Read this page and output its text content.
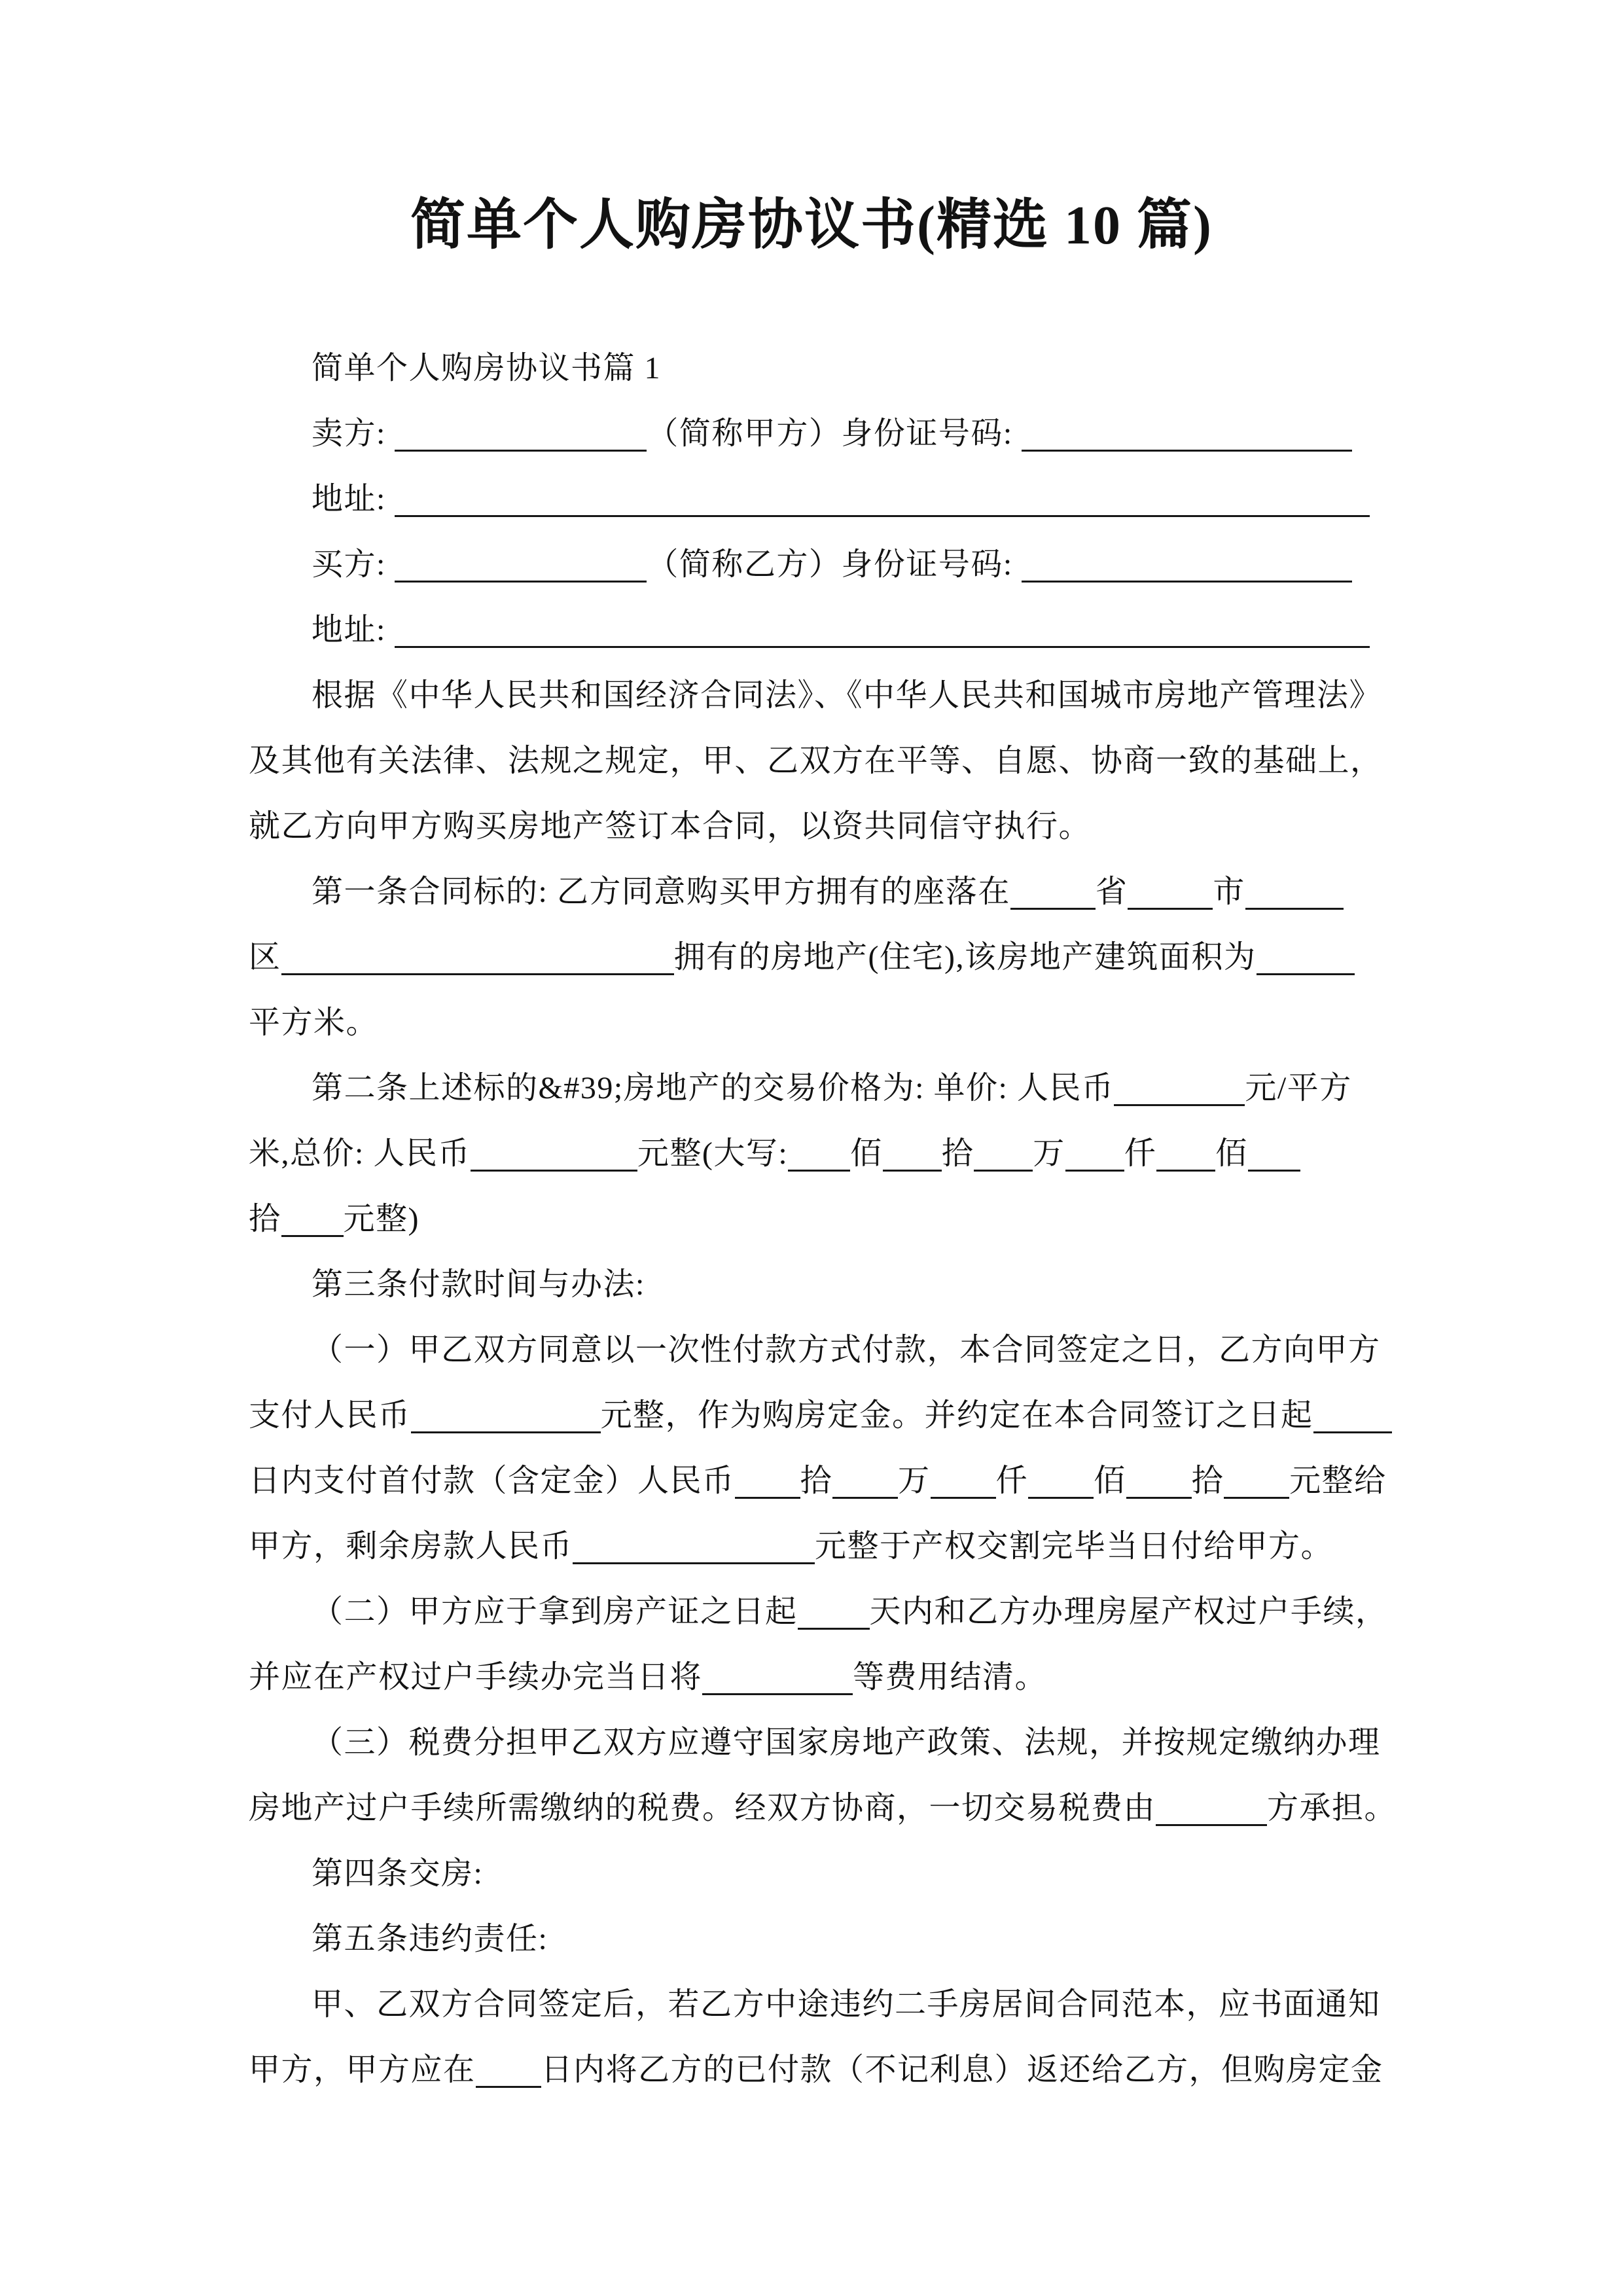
简单个人购房协议书(精选 10 篇)
简单个人购房协议书篇 1
卖方:	（简称甲方）身份证号码:
地址:
买方:	（简称乙方）身份证号码:
地址:
根据《中华人民共和国经济合同法》、《中华人民共和国城市房地产管理法》
及其他有关法律、法规之规定，甲、乙双方在平等、自愿、协商一致的基础上，
就乙方向甲方购买房地产签订本合同，以资共同信守执行。
第一条合同标的: 乙方同意购买甲方拥有的座落在	省	市
区	拥有的房地产(住宅),该房地产建筑面积为
平方米。
第二条上述标的&#39;房地产的交易价格为: 单价: 人民币	元/平方
米,总价: 人民币	元整(大写: 佰 拾 万 仟 佰
拾 元整)
第三条付款时间与办法:
（一）甲乙双方同意以一次性付款方式付款，本合同签定之日，乙方向甲方
支付人民币	元整，作为购房定金。并约定在本合同签订之日起
日内支付首付款（含定金）人民币 拾 万 仟 佰 拾 元整给
甲方，剩余房款人民币	元整于产权交割完毕当日付给甲方。
（二）甲方应于拿到房产证之日起 天内和乙方办理房屋产权过户手续，
并应在产权过户手续办完当日将	等费用结清。
（三）税费分担甲乙双方应遵守国家房地产政策、法规，并按规定缴纳办理
房地产过户手续所需缴纳的税费。经双方协商，一切交易税费由	方承担。
第四条交房:
第五条违约责任:
甲、乙双方合同签定后，若乙方中途违约二手房居间合同范本，应书面通知
甲方，甲方应在 日内将乙方的已付款（不记利息）返还给乙方，但购房定金
